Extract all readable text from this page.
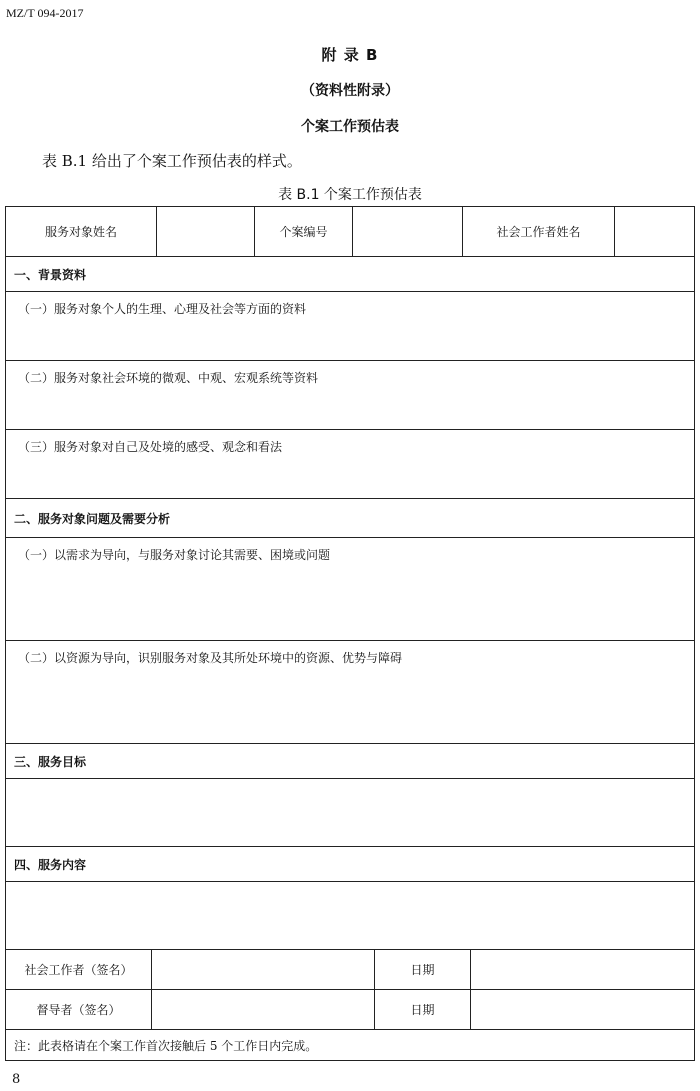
MZ/T 094-2017
附 录 B
（资料性附录）
个案工作预估表
表 B.1 给出了个案工作预估表的样式。
表 B.1 个案工作预估表
服务对象姓名	个案编号	社会工作者姓名
一、背景资料
（一）服务对象个人的生理、心理及社会等方面的资料
（二）服务对象社会环境的微观、中观、宏观系统等资料
（三）服务对象对自己及处境的感受、观念和看法
二、服务对象问题及需要分析
（一）以需求为导向，与服务对象讨论其需要、困境或问题
（二）以资源为导向，识别服务对象及其所处环境中的资源、优势与障碍
三、服务目标
四、服务内容
社会工作者（签名）	日期
督导者（签名）	日期
注：此表格请在个案工作首次接触后 5 个工作日内完成。
8
